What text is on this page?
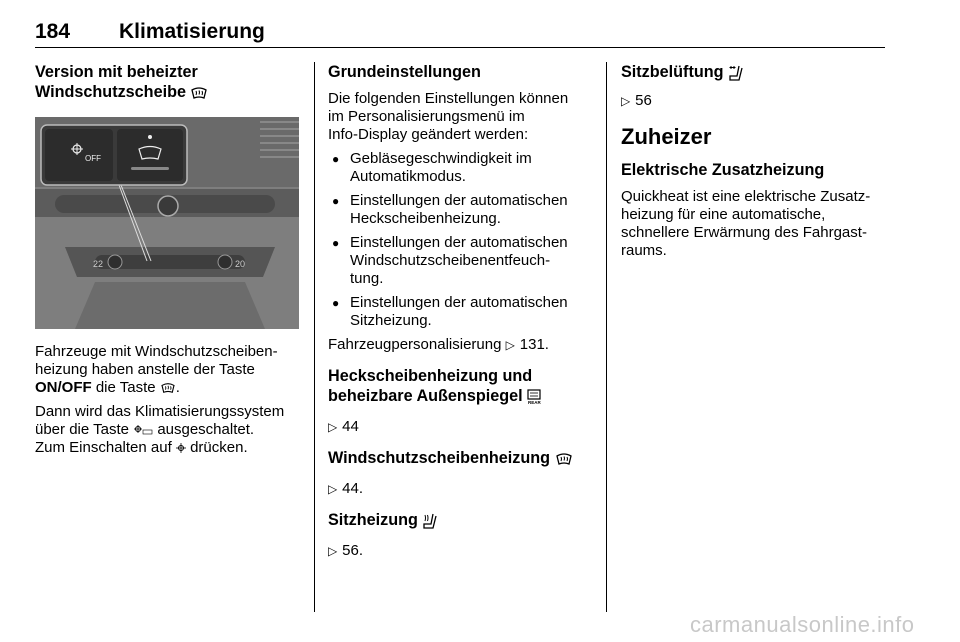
184 Klimatisierung
Version mit beheizter
Windschutzscheibe
22	20
OFF

Fahrzeuge mit Windschutzscheiben-
heizung haben anstelle der Taste
ON/OFF die Taste .

Dann wird das Klimatisierungssystem
über die Taste ausgeschaltet.
Zum Einschalten auf drücken.

Grundeinstellungen

Die folgenden Einstellungen können
im Personalisierungsmenü im
Info-Display geändert werden:

● Gebläsegeschwindigkeit im
Automatikmodus.
● Einstellungen der automatischen
Heckscheibenheizung.
● Einstellungen der automatischen
Windschutzscheibenentfeuch-
tung.
● Einstellungen der automatischen
Sitzheizung.

Fahrzeugpersonalisierung ▷ 131.

Heckscheibenheizung und
beheizbare Außenspiegel REAR

▷ 44

Windschutzscheibenheizung

▷ 44.

Sitzheizung

▷ 56.

Sitzbelüftung

▷ 56

Zuheizer
Elektrische Zusatzheizung

Quickheat ist eine elektrische Zusatz-
heizung für eine automatische,
schnellere Erwärmung des Fahrgast-
raums.

carmanualsonline.info
